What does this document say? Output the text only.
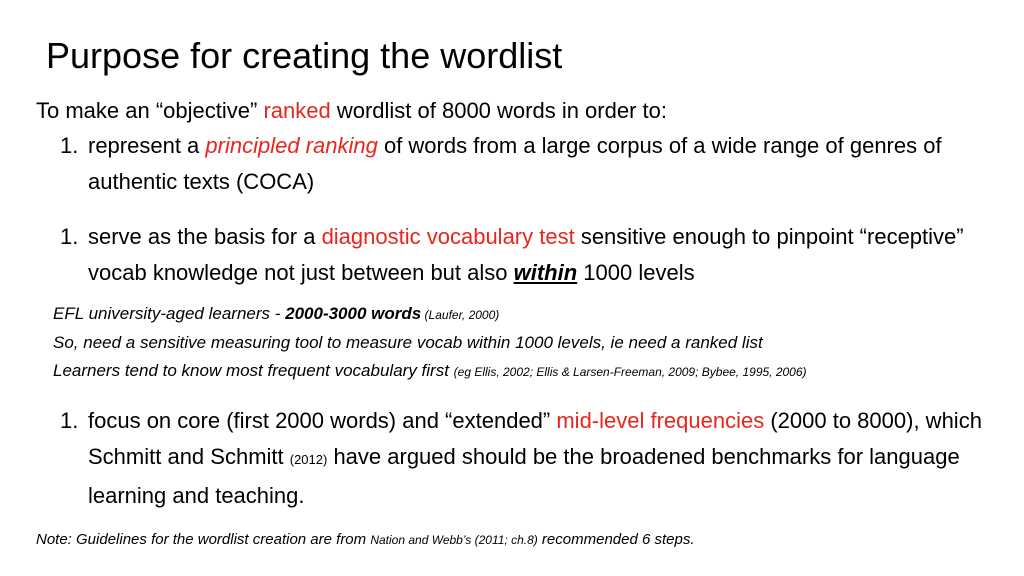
Purpose for creating the wordlist
To make an “objective” ranked wordlist of 8000 words in order to:
1. represent a principled ranking of words from a large corpus of a wide range of genres of authentic texts (COCA)
1. serve as the basis for a diagnostic vocabulary test sensitive enough to pinpoint “receptive” vocab knowledge not just between but also within 1000 levels
EFL university-aged learners - 2000-3000 words (Laufer, 2000)
So, need a sensitive measuring tool to measure vocab within 1000 levels, ie need a ranked list
Learners tend to know most frequent vocabulary first (eg Ellis, 2002; Ellis & Larsen-Freeman, 2009; Bybee, 1995, 2006)
1. focus on core (first 2000 words) and “extended” mid-level frequencies (2000 to 8000), which Schmitt and Schmitt (2012) have argued should be the broadened benchmarks for language learning and teaching.
Note: Guidelines for the wordlist creation are from Nation and Webb’s (2011; ch.8) recommended 6 steps.
